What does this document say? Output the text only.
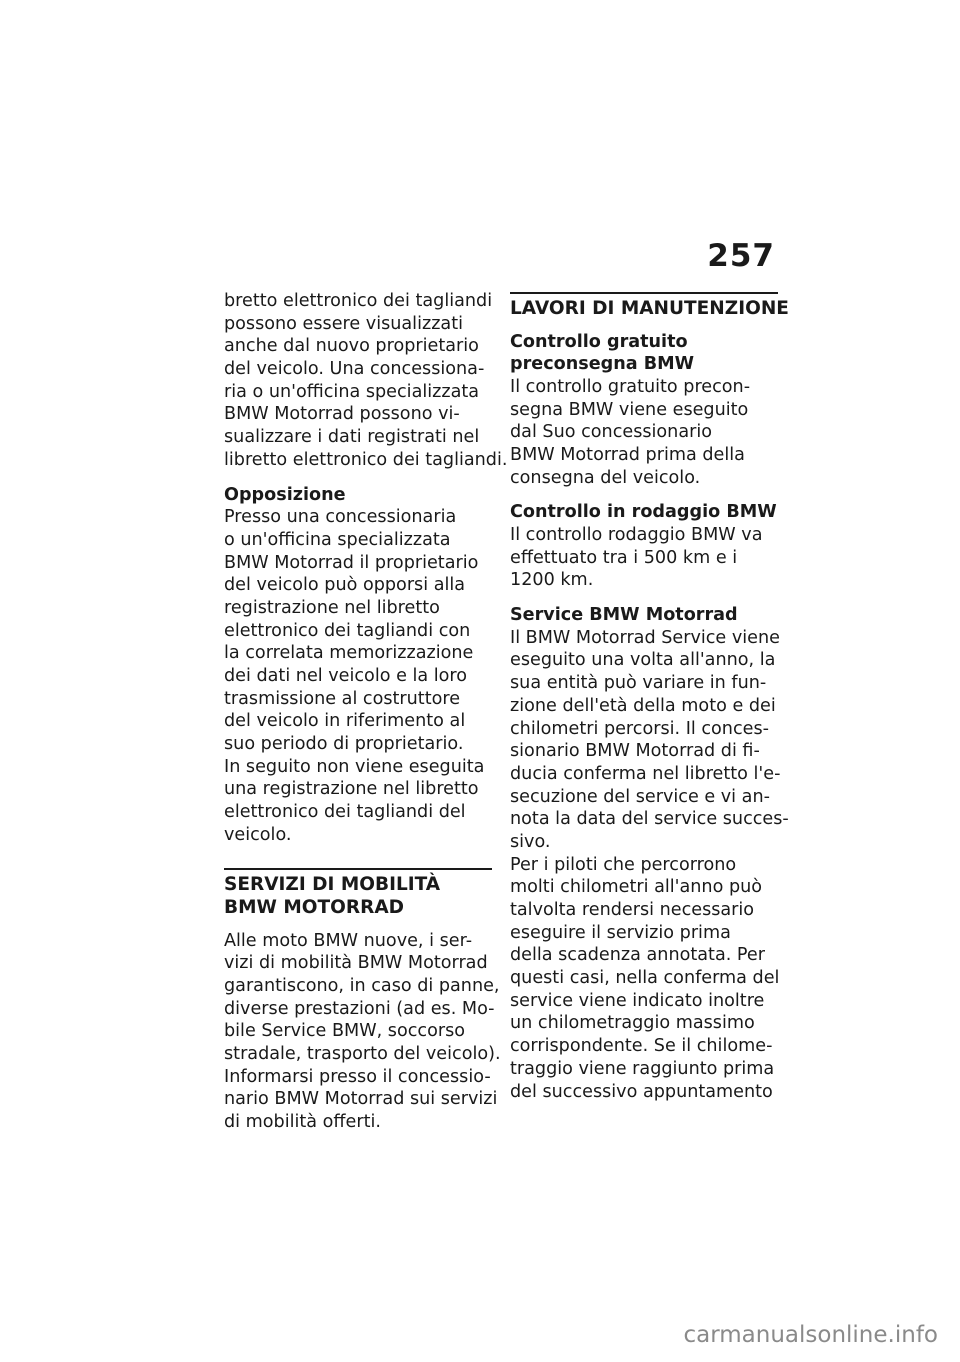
257
bretto elettronico dei tagliandi
possono essere visualizzati
anche dal nuovo proprietario
del veicolo. Una concessiona-
ria o un'officina specializzata
BMW Motorrad possono vi-
sualizzare i dati registrati nel
libretto elettronico dei tagliandi.
Opposizione
Presso una concessionaria
o un'officina specializzata
BMW Motorrad il proprietario
del veicolo può opporsi alla
registrazione nel libretto
elettronico dei tagliandi con
la correlata memorizzazione
dei dati nel veicolo e la loro
trasmissione al costruttore
del veicolo in riferimento al
suo periodo di proprietario.
In seguito non viene eseguita
una registrazione nel libretto
elettronico dei tagliandi del
veicolo.
SERVIZI DI MOBILITÀ
BMW MOTORRAD
Alle moto BMW nuove, i ser-
vizi di mobilità BMW Motorrad
garantiscono, in caso di panne,
diverse prestazioni (ad es. Mo-
bile Service BMW, soccorso
stradale, trasporto del veicolo).
Informarsi presso il concessio-
nario BMW Motorrad sui servizi
di mobilità offerti.
LAVORI DI MANUTENZIONE
Controllo gratuito
preconsegna BMW
Il controllo gratuito precon-
segna BMW viene eseguito
dal Suo concessionario
BMW Motorrad prima della
consegna del veicolo.
Controllo in rodaggio BMW
Il controllo rodaggio BMW va
effettuato tra i 500 km e i
1200 km.
Service BMW Motorrad
Il BMW Motorrad Service viene
eseguito una volta all'anno, la
sua entità può variare in fun-
zione dell'età della moto e dei
chilometri percorsi. Il conces-
sionario BMW Motorrad di fi-
ducia conferma nel libretto l'e-
secuzione del service e vi an-
nota la data del service succes-
sivo.
Per i piloti che percorrono
molti chilometri all'anno può
talvolta rendersi necessario
eseguire il servizio prima
della scadenza annotata. Per
questi casi, nella conferma del
service viene indicato inoltre
un chilometraggio massimo
corrispondente. Se il chilome-
traggio viene raggiunto prima
del successivo appuntamento
carmanualsonline.info
